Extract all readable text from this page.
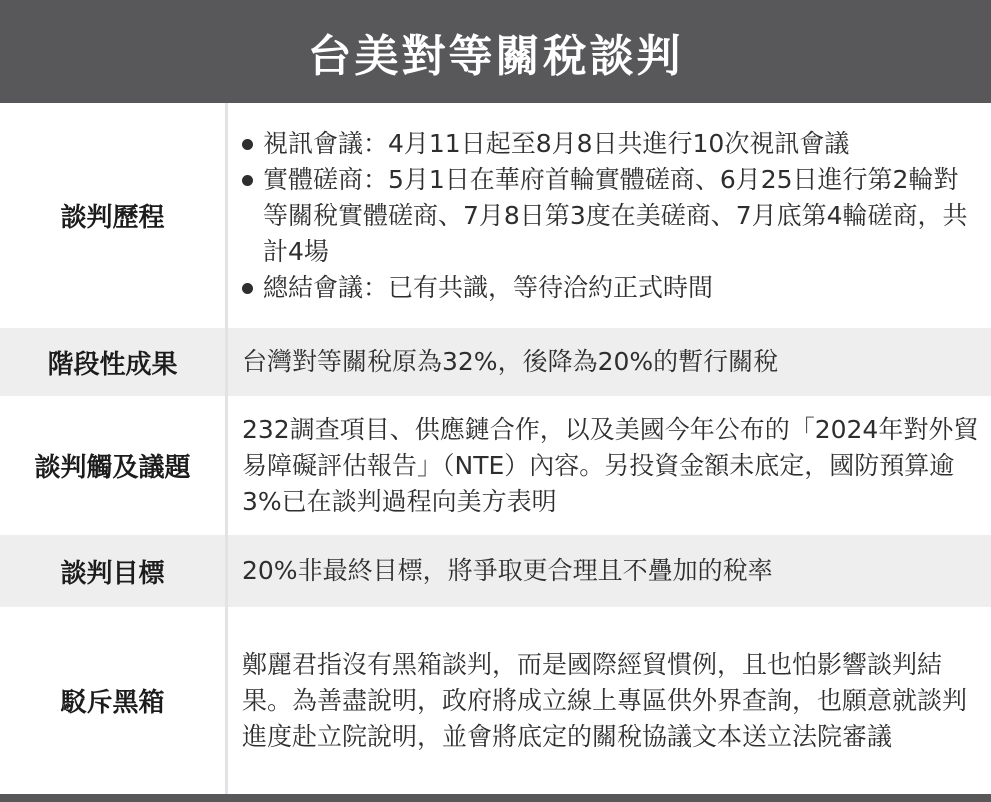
台美對等關稅談判
談判歷程
視訊會議：4月11日起至8月8日共進行10次視訊會議
實體磋商：5月1日在華府首輪實體磋商、6月25日進行第2輪對等關稅實體磋商、7月8日第3度在美磋商、7月底第4輪磋商，共計4場
總結會議：已有共識，等待洽約正式時間
階段性成果	台灣對等關稅原為32%，後降為20%的暫行關稅
談判觸及議題
232調查項目、供應鏈合作，以及美國今年公布的「2024年對外貿易障礙評估報告」（NTE）內容。另投資金額未底定，國防預算逾3%已在談判過程向美方表明
談判目標	20%非最終目標，將爭取更合理且不疊加的稅率
駁斥黑箱
鄭麗君指沒有黑箱談判，而是國際經貿慣例，且也怕影響談判結果。為善盡說明，政府將成立線上專區供外界查詢，也願意就談判進度赴立院說明，並會將底定的關稅協議文本送立法院審議
